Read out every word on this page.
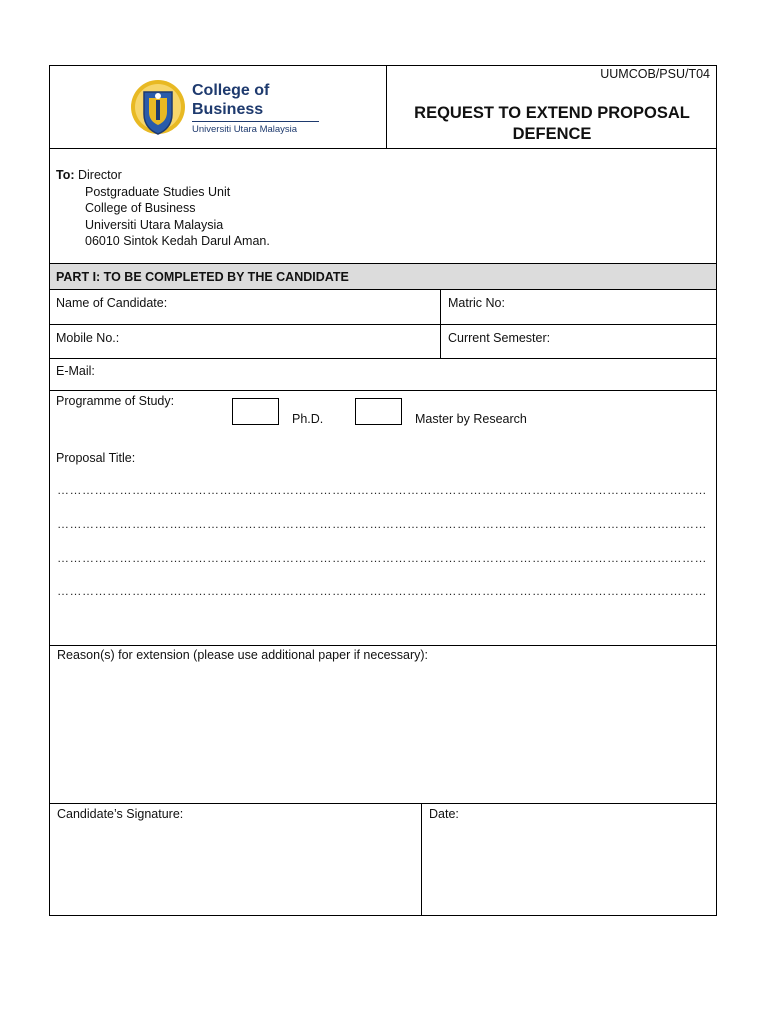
College of
Business
Universiti Utara Malaysia
UUMCOB/PSU/T04
REQUEST TO EXTEND PROPOSAL
DEFENCE
To: Director
Postgraduate Studies Unit
College of Business
Universiti Utara Malaysia
06010 Sintok Kedah Darul Aman.
PART I: TO BE COMPLETED BY THE CANDIDATE
Name of Candidate:	Matric No:
Mobile No.:	Current Semester:
E-Mail:
Programme of Study:
Ph.D.	Master by Research
Proposal Title:
…………………………………………………………………………………………………………………………………………
…………………………………………………………………………………………………………………………………………
…………………………………………………………………………………………………………………………………………
…………………………………………………………………………………………………………………………………………
Reason(s) for extension (please use additional paper if necessary):
Candidate’s Signature:	Date:
